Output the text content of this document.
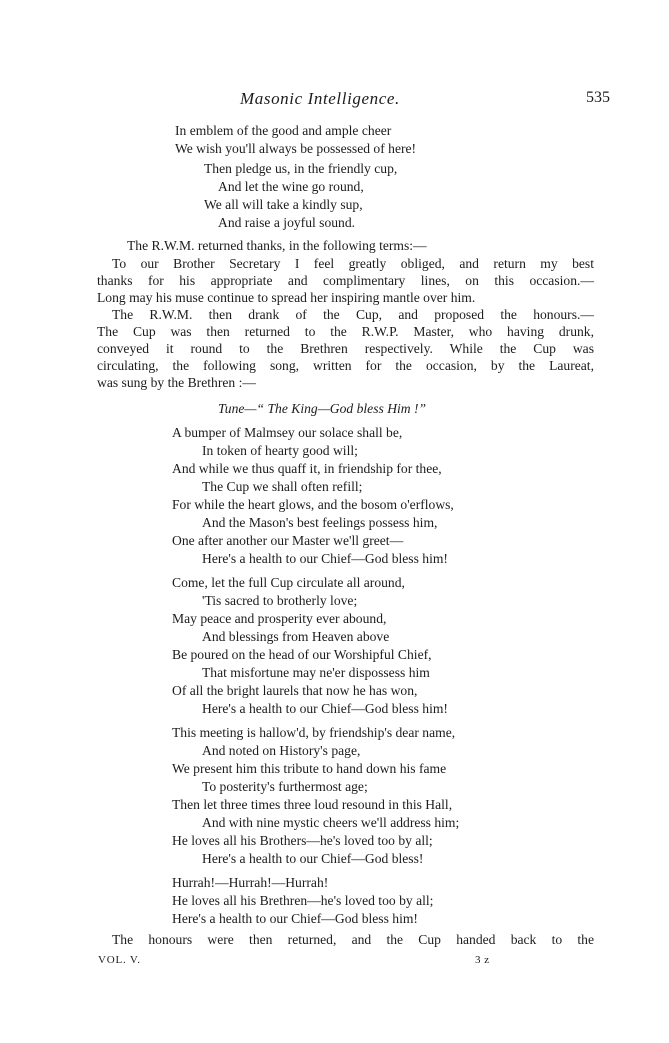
Masonic Intelligence.	535
In emblem of the good and ample cheer
We wish you'll always be possessed of here!
Then pledge us, in the friendly cup,
And let the wine go round,
We all will take a kindly sup,
And raise a joyful sound.
The R.W.M. returned thanks, in the following terms:—
To our Brother Secretary I feel greatly obliged, and return my best
thanks for his appropriate and complimentary lines, on this occasion.—
Long may his muse continue to spread her inspiring mantle over him.
The R.W.M. then drank of the Cup, and proposed the honours.—
The Cup was then returned to the R.W.P. Master, who having drunk,
conveyed it round to the Brethren respectively. While the Cup was
circulating, the following song, written for the occasion, by the Laureat,
was sung by the Brethren :—
Tune—“ The King—God bless Him !”
A bumper of Malmsey our solace shall be,
In token of hearty good will;
And while we thus quaff it, in friendship for thee,
The Cup we shall often refill;
For while the heart glows, and the bosom o'erflows,
And the Mason's best feelings possess him,
One after another our Master we'll greet—
Here's a health to our Chief—God bless him!
Come, let the full Cup circulate all around,
'Tis sacred to brotherly love;
May peace and prosperity ever abound,
And blessings from Heaven above
Be poured on the head of our Worshipful Chief,
That misfortune may ne'er dispossess him
Of all the bright laurels that now he has won,
Here's a health to our Chief—God bless him!
This meeting is hallow'd, by friendship's dear name,
And noted on History's page,
We present him this tribute to hand down his fame
To posterity's furthermost age;
Then let three times three loud resound in this Hall,
And with nine mystic cheers we'll address him;
He loves all his Brothers—he's loved too by all;
Here's a health to our Chief—God bless!
Hurrah!—Hurrah!—Hurrah!
He loves all his Brethren—he's loved too by all;
Here's a health to our Chief—God bless him!
The honours were then returned, and the Cup handed back to the
VOL. V.	3 z
